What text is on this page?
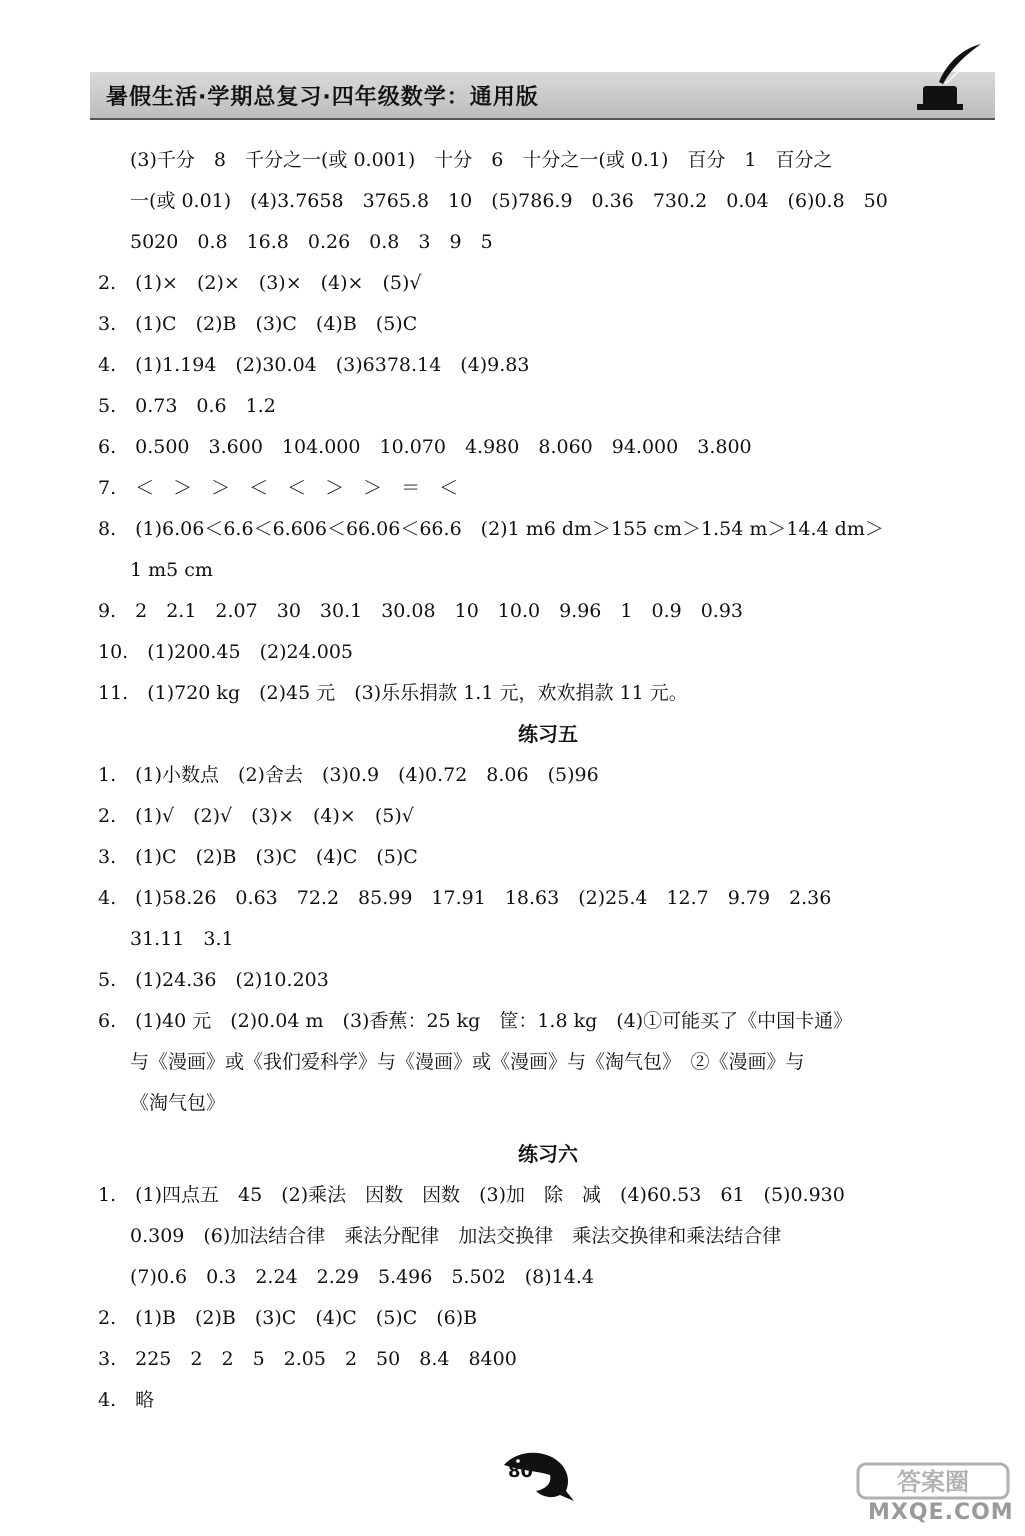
暑假生活·学期总复习·四年级数学：通用版
(3)千分　8　千分之一(或 0.001)　十分　6　十分之一(或 0.1)　百分　1　百分之
一(或 0.01)　(4)3.7658　3765.8　10　(5)786.9　0.36　730.2　0.04　(6)0.8　50
5020　0.8　16.8　0.26　0.8　3　9　5
2.　(1)×　(2)×　(3)×　(4)×　(5)√
3.　(1)C　(2)B　(3)C　(4)B　(5)C
4.　(1)1.194　(2)30.04　(3)6378.14　(4)9.83
5.　0.73　0.6　1.2
6.　0.500　3.600　104.000　10.070　4.980　8.060　94.000　3.800
7.　＜　＞　＞　＜　＜　＞　＞　＝　＜
8.　(1)6.06＜6.6＜6.606＜66.06＜66.6　(2)1 m6 dm＞155 cm＞1.54 m＞14.4 dm＞
1 m5 cm
9.　2　2.1　2.07　30　30.1　30.08　10　10.0　9.96　1　0.9　0.93
10.　(1)200.45　(2)24.005
11.　(1)720 kg　(2)45 元　(3)乐乐捐款 1.1 元，欢欢捐款 11 元。
练习五
1.　(1)小数点　(2)舍去　(3)0.9　(4)0.72　8.06　(5)96
2.　(1)√　(2)√　(3)×　(4)×　(5)√
3.　(1)C　(2)B　(3)C　(4)C　(5)C
4.　(1)58.26　0.63　72.2　85.99　17.91　18.63　(2)25.4　12.7　9.79　2.36
31.11　3.1
5.　(1)24.36　(2)10.203
6.　(1)40 元　(2)0.04 m　(3)香蕉：25 kg　筐：1.8 kg　(4)①可能买了《中国卡通》
与《漫画》或《我们爱科学》与《漫画》或《漫画》与《淘气包》　②《漫画》与
《淘气包》
练习六
1.　(1)四点五　45　(2)乘法　因数　因数　(3)加　除　减　(4)60.53　61　(5)0.930
0.309　(6)加法结合律　乘法分配律　加法交换律　乘法交换律和乘法结合律
(7)0.6　0.3　2.24　2.29　5.496　5.502　(8)14.4
2.　(1)B　(2)B　(3)C　(4)C　(5)C　(6)B
3.　225　2　2　5　2.05　2　50　8.4　8400
4.　略
80	答案圈
MXQE.COM
